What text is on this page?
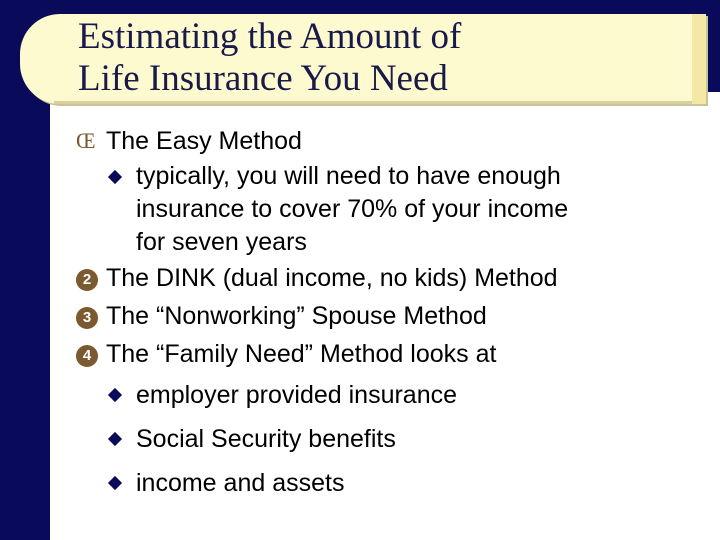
Estimating the Amount of
Life Insurance You Need
Œ The Easy Method
typically, you will need to have enough
insurance to cover 70% of your income
for seven years
2 The DINK (dual income, no kids) Method
3 The “Nonworking” Spouse Method
4 The “Family Need” Method looks at
employer provided insurance
Social Security benefits
income and assets
